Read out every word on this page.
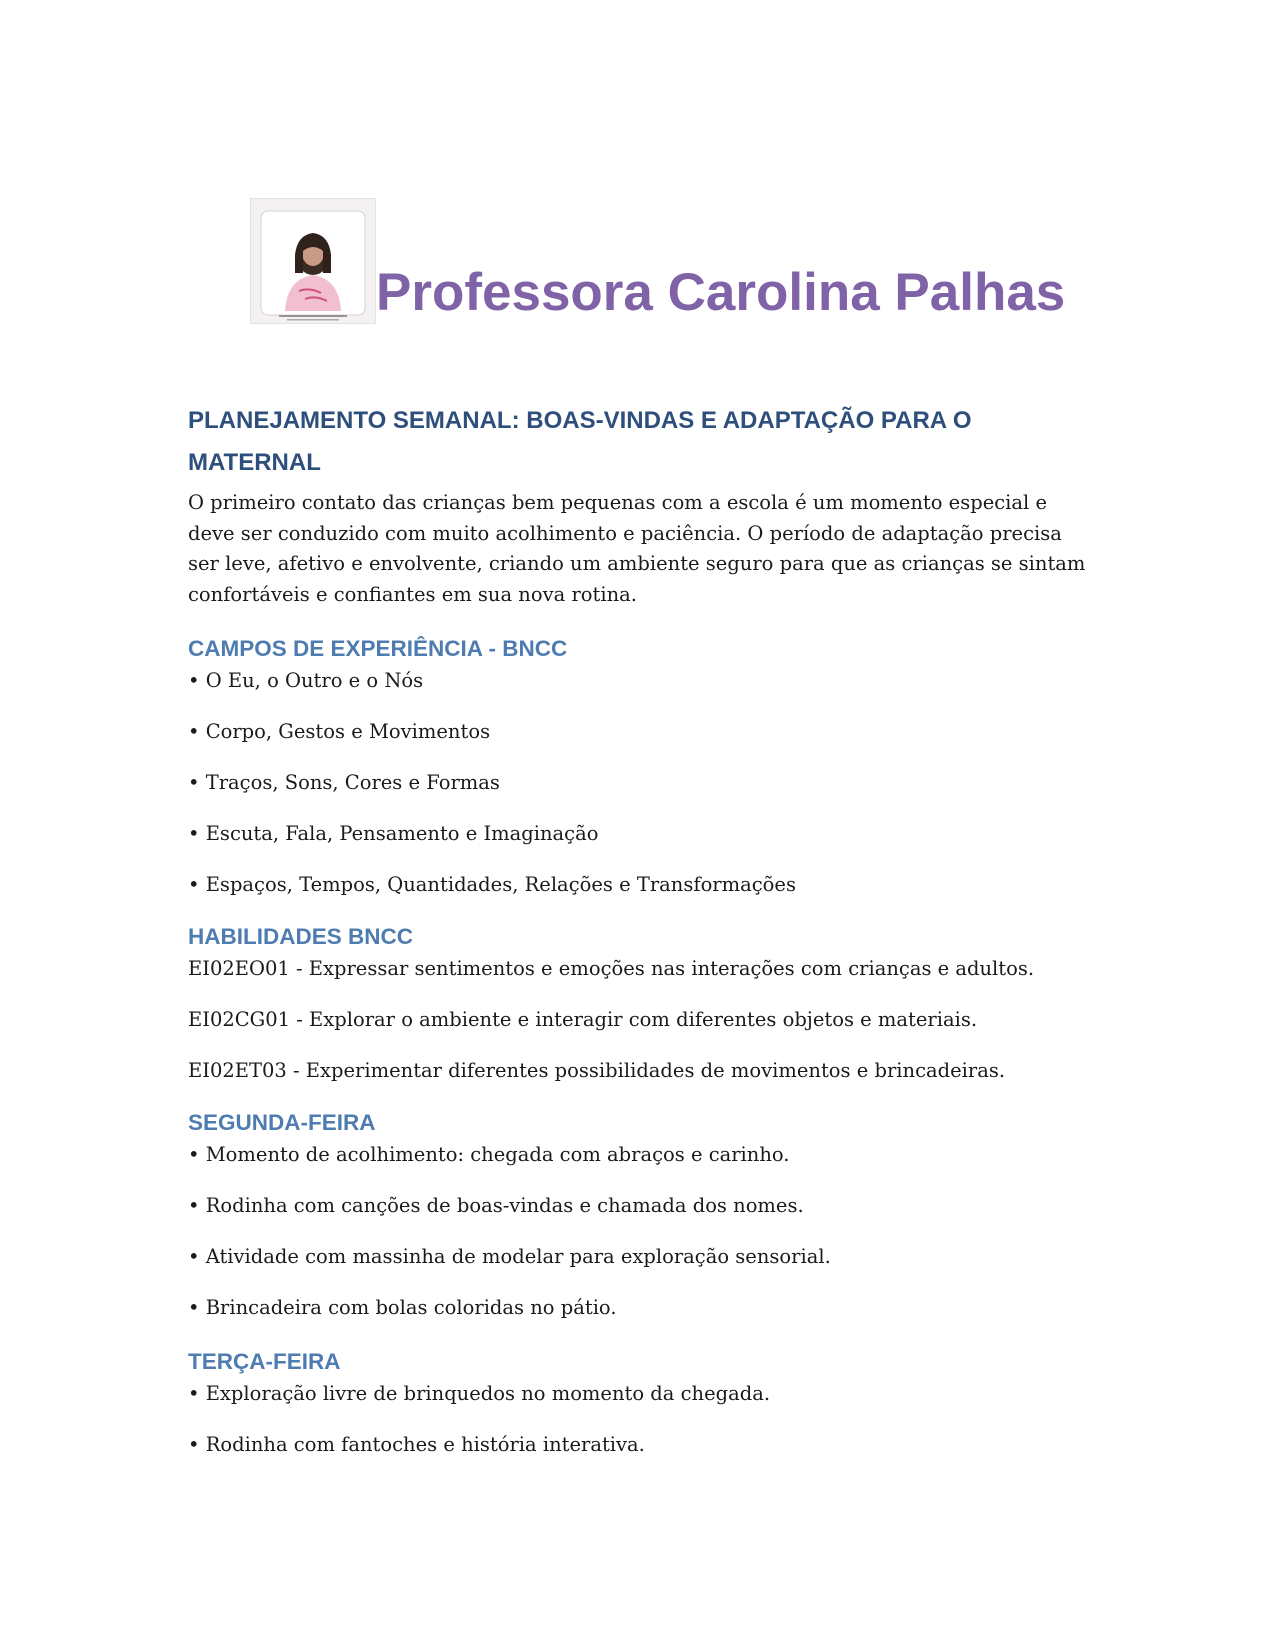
Professora Carolina Palhas
PLANEJAMENTO SEMANAL: BOAS-VINDAS E ADAPTAÇÃO PARA O MATERNAL

O primeiro contato das crianças bem pequenas com a escola é um momento especial e deve ser conduzido com muito acolhimento e paciência. O período de adaptação precisa ser leve, afetivo e envolvente, criando um ambiente seguro para que as crianças se sintam confortáveis e confiantes em sua nova rotina.

CAMPOS DE EXPERIÊNCIA - BNCC
• O Eu, o Outro e o Nós
• Corpo, Gestos e Movimentos
• Traços, Sons, Cores e Formas
• Escuta, Fala, Pensamento e Imaginação
• Espaços, Tempos, Quantidades, Relações e Transformações
HABILIDADES BNCC
EI02EO01 - Expressar sentimentos e emoções nas interações com crianças e adultos.
EI02CG01 - Explorar o ambiente e interagir com diferentes objetos e materiais.
EI02ET03 - Experimentar diferentes possibilidades de movimentos e brincadeiras.
SEGUNDA-FEIRA
• Momento de acolhimento: chegada com abraços e carinho.
• Rodinha com canções de boas-vindas e chamada dos nomes.
• Atividade com massinha de modelar para exploração sensorial.
• Brincadeira com bolas coloridas no pátio.
TERÇA-FEIRA
• Exploração livre de brinquedos no momento da chegada.
• Rodinha com fantoches e história interativa.
